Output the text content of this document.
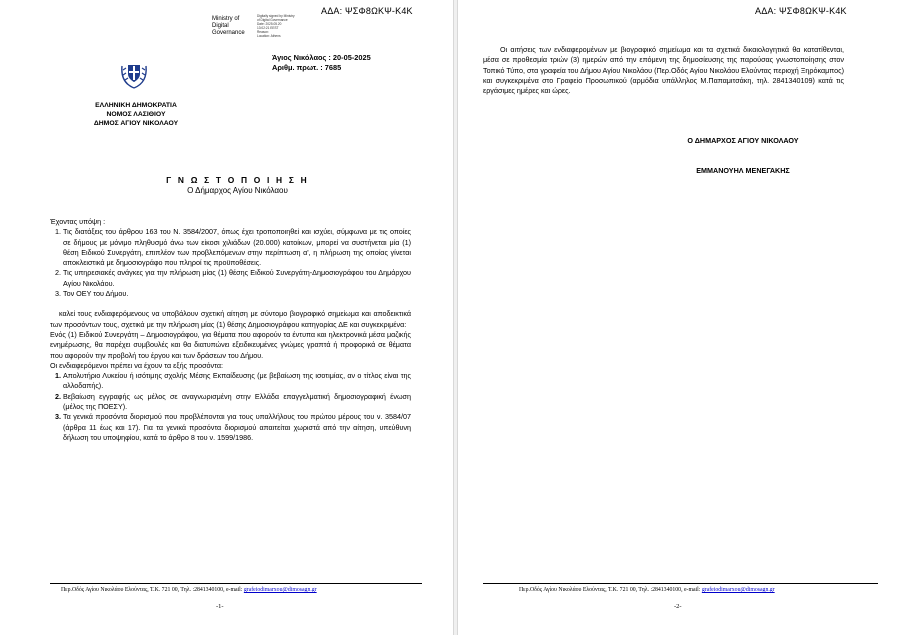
ΑΔΑ: ΨΣΦ8ΩΚΨ-Κ4Κ
Ministry of
Digital
Governance
Digitally signed by Ministry
of Digital Governance
Date: 2025.05.20
13:02:21 EEST
Reason:
Location: Athens
Άγιος Νικόλαος : 20-05-2025
Αριθμ. πρωτ. : 7685
ΕΛΛΗΝΙΚΗ ΔΗΜΟΚΡΑΤΙΑ
ΝΟΜΟΣ ΛΑΣΙΘΙΟΥ
ΔΗΜΟΣ ΑΓΙΟΥ ΝΙΚΟΛΑΟΥ
Γ Ν Ω Σ Τ Ο Π Ο Ι Η Σ Η
Ο Δήμαρχος Αγίου Νικόλαου

Έχοντας υπόψη :

1. Τις διατάξεις του άρθρου 163 του Ν. 3584/2007, όπως έχει τροποποιηθεί και ισχύει, σύμφωνα με τις οποίες σε δήμους με μόνιμο πληθυσμό άνω των είκοσι χιλιάδων (20.000) κατοίκων, μπορεί να συστήνεται μία (1) θέση Ειδικού Συνεργάτη, επιπλέον των προβλεπόμενων στην περίπτωση α', η πλήρωση της οποίας γίνεται αποκλειστικά με δημοσιογράφο που πληροί τις προϋποθέσεις.
2. Τις υπηρεσιακές ανάγκες για την πλήρωση μίας (1) θέσης Ειδικού Συνεργάτη-Δημοσιογράφου του Δημάρχου Αγίου Νικολάου.
3. Τον ΟΕΥ του Δήμου.

καλεί τους ενδιαφερόμενους να υποβάλουν σχετική αίτηση με σύντομο βιογραφικό σημείωμα και αποδεικτικά των προσόντων τους, σχετικά με την πλήρωση μίας (1) θέσης Δημοσιογράφου κατηγορίας ΔΕ και συγκεκριμένα:

Ενός (1) Ειδικού Συνεργάτη – Δημοσιογράφου, για θέματα που αφορούν τα έντυπα και ηλεκτρονικά μέσα μαζικής ενημέρωσης, θα παρέχει συμβουλές και θα διατυπώνει εξειδικευμένες γνώμες γραπτά ή προφορικά σε θέματα που αφορούν την προβολή του έργου και των δράσεων του Δήμου.

Οι ενδιαφερόμενοι πρέπει να έχουν τα εξής προσόντα:

1. Απολυτήριο Λυκείου ή ισότιμης σχολής Μέσης Εκπαίδευσης (με βεβαίωση της ισοτιμίας, αν ο τίτλος είναι της αλλοδαπής).
2. Βεβαίωση εγγραφής ως μέλος σε αναγνωρισμένη στην Ελλάδα επαγγελματική δημοσιογραφική ένωση (μέλος της ΠΟΕΣΥ).
3. Τα γενικά προσόντα διορισμού που προβλέπονται για τους υπαλλήλους του πρώτου μέρους του ν. 3584/07 (άρθρα 11 έως και 17). Για τα γενικά προσόντα διορισμού απαιτείται χωριστά από την αίτηση, υπεύθυνη δήλωση του υποψηφίου, κατά το άρθρο 8 του ν. 1599/1986.
Περ.Οδός Αγίου Νικολάου Ελούντας, Τ.Κ. 721 00, Τηλ. :2841340100, e-mail: grafeiodimarxou@dimosagn.gr
-1-
ΑΔΑ: ΨΣΦ8ΩΚΨ-Κ4Κ
Οι αιτήσεις των ενδιαφερομένων με βιογραφικό σημείωμα και τα σχετικά δικαιολογητικά θα κατατίθενται, μέσα σε προθεσμία τριών (3) ημερών από την επόμενη της δημοσίευσης της παρούσας γνωστοποίησης στον Τοπικό Τύπο, στα γραφεία του Δήμου Αγίου Νικολάου (Περ.Οδός Αγίου Νικολάου Ελούντας περιοχή Ξηρόκαμπος) και συγκεκριμένα στο Γραφείο Προσωπικού (αρμόδια υπάλληλος Μ.Παπαμιτσάκη, τηλ. 2841340109) κατά τις εργάσιμες ημέρες και ώρες.
Ο ΔΗΜΑΡΧΟΣ ΑΓΙΟΥ ΝΙΚΟΛΑΟΥ
ΕΜΜΑΝΟΥΗΛ ΜΕΝΕΓΑΚΗΣ
Περ.Οδός Αγίου Νικολάου Ελούντας, Τ.Κ. 721 00, Τηλ. :2841340100, e-mail: grafeiodimarxou@dimosagn.gr
-2-
